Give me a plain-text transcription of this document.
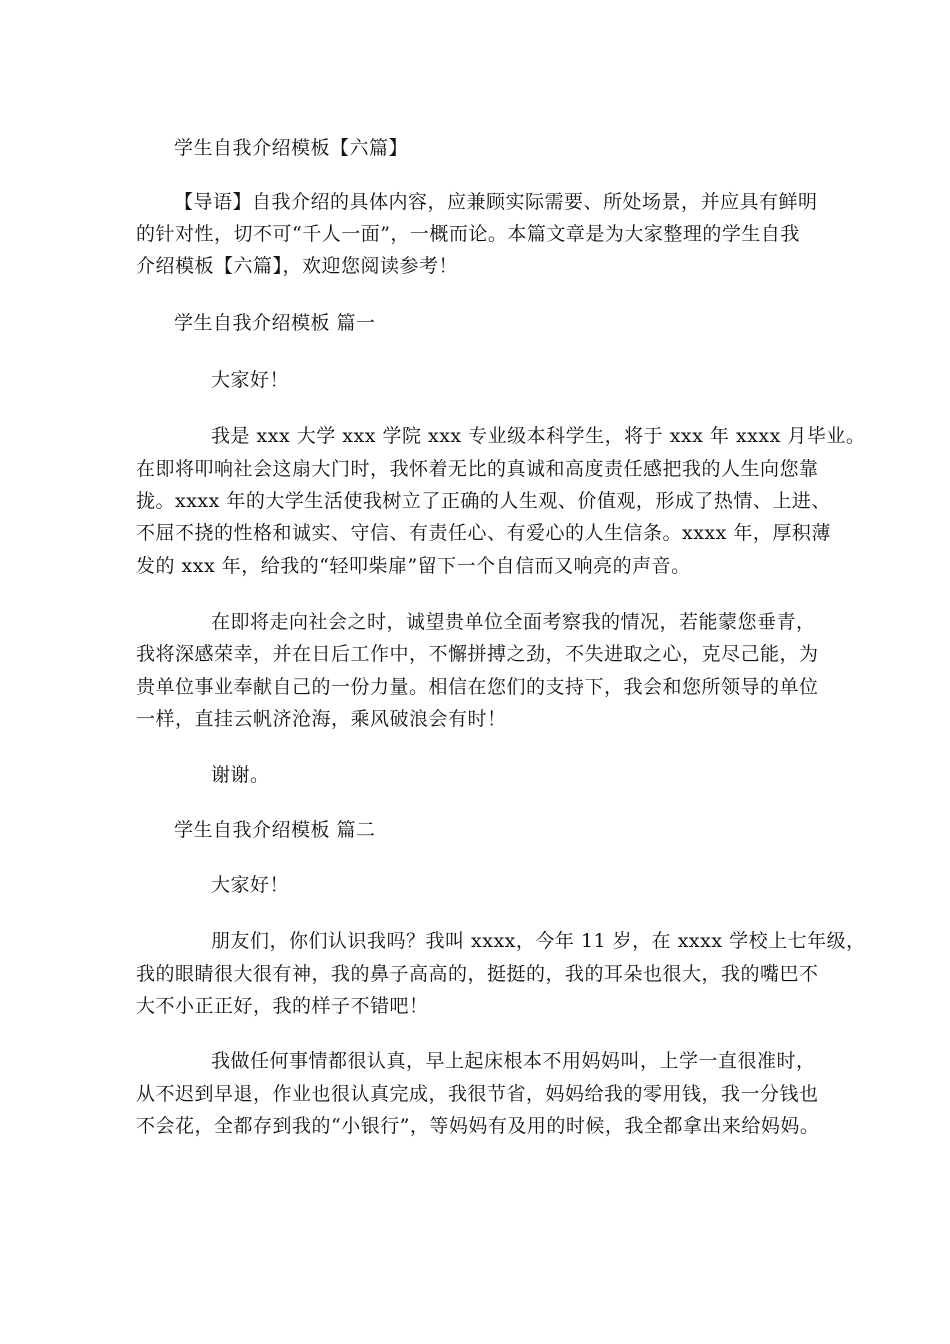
学生自我介绍模板【六篇】
【导语】自我介绍的具体内容，应兼顾实际需要、所处场景，并应具有鲜明
的针对性，切不可“千人一面”，一概而论。本篇文章是为大家整理的学生自我
介绍模板【六篇】，欢迎您阅读参考！
学生自我介绍模板 篇一
大家好！
我是 xxx 大学 xxx 学院 xxx 专业级本科学生，将于 xxx 年 xxxx 月毕业。
在即将叩响社会这扇大门时，我怀着无比的真诚和高度责任感把我的人生向您靠
拢。xxxx 年的大学生活使我树立了正确的人生观、价值观，形成了热情、上进、
不屈不挠的性格和诚实、守信、有责任心、有爱心的人生信条。xxxx 年，厚积薄
发的 xxx 年，给我的“轻叩柴扉”留下一个自信而又响亮的声音。
在即将走向社会之时，诚望贵单位全面考察我的情况，若能蒙您垂青，
我将深感荣幸，并在日后工作中，不懈拼搏之劲，不失进取之心，克尽己能，为
贵单位事业奉献自己的一份力量。相信在您们的支持下，我会和您所领导的单位
一样，直挂云帆济沧海，乘风破浪会有时！
谢谢。
学生自我介绍模板 篇二
大家好！
朋友们，你们认识我吗？我叫 xxxx，今年 11 岁，在 xxxx 学校上七年级，
我的眼睛很大很有神，我的鼻子高高的，挺挺的，我的耳朵也很大，我的嘴巴不
大不小正正好，我的样子不错吧！
我做任何事情都很认真，早上起床根本不用妈妈叫，上学一直很准时，
从不迟到早退，作业也很认真完成，我很节省，妈妈给我的零用钱，我一分钱也
不会花，全都存到我的“小银行”，等妈妈有及用的时候，我全都拿出来给妈妈。
